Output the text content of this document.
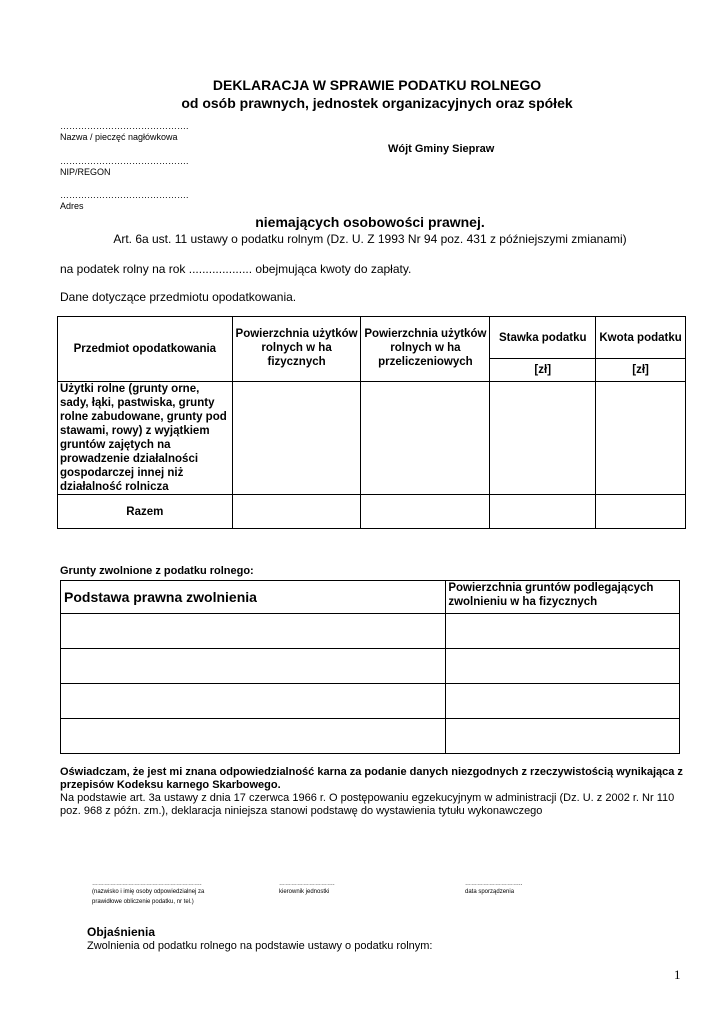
DEKLARACJA W SPRAWIE PODATKU ROLNEGO
od osób prawnych, jednostek organizacyjnych oraz spółek
…………………………………….
Nazwa / pieczęć nagłówkowa
Wójt Gminy Siepraw
…………………………………….
NIP/REGON
…………………………………….
Adres
niemających osobowości prawnej.
Art. 6a ust. 11 ustawy o podatku rolnym (Dz. U. Z 1993 Nr 94 poz. 431 z późniejszymi zmianami)
na podatek rolny na rok ................... obejmująca kwoty do zapłaty.
Dane dotyczące przedmiotu opodatkowania.
Przedmiot opodatkowania	Powierzchnia użytków rolnych w ha fizycznych	Powierzchnia użytków rolnych w ha przeliczeniowych	Stawka podatku	Kwota podatku
			[zł]	[zł]
Użytki rolne (grunty orne, sady, łąki, pastwiska, grunty rolne zabudowane, grunty pod stawami, rowy) z wyjątkiem gruntów zajętych na prowadzenie działalności gospodarczej innej niż działalność rolnicza				
Razem				
Grunty zwolnione z podatku rolnego:
Podstawa prawna zwolnienia	Powierzchnia gruntów podlegających zwolnieniu w ha fizycznych

Oświadczam, że jest mi znana odpowiedzialność karna za podanie danych niezgodnych z rzeczywistością wynikająca z przepisów Kodeksu karnego Skarbowego.
Na podstawie art. 3a ustawy z dnia 17 czerwca 1966 r. O postępowaniu egzekucyjnym w administracji (Dz. U. z 2002 r. Nr 110 poz. 968 z późn. zm.), deklaracja niniejsza stanowi podstawę do wystawienia tytułu wykonawczego
……………………………………………….
(nazwisko i imię osoby odpowiedzialnej za
prawidłowe obliczenie podatku, nr tel.)
……………………….
kierownik jednostki
………………………..
data sporządzenia
Objaśnienia
Zwolnienia od podatku rolnego na podstawie ustawy o podatku rolnym:
1
